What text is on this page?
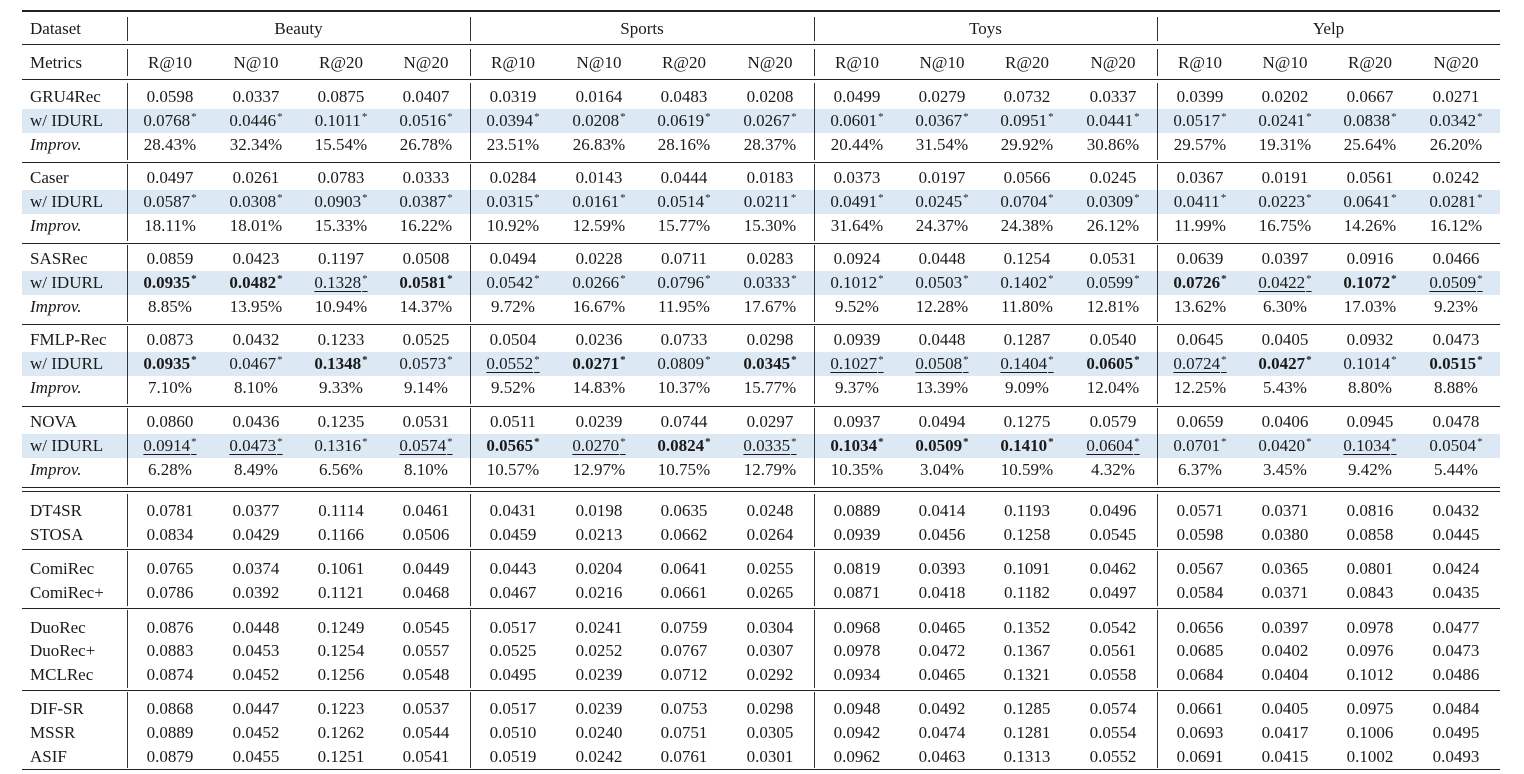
Dataset	Beauty	Sports	Toys	Yelp
Metrics	R@10	N@10	R@20	N@20	R@10	N@10	R@20	N@20	R@10	N@10	R@20	N@20	R@10	N@10	R@20	N@20
GRU4Rec	0.0598	0.0337	0.0875	0.0407	0.0319	0.0164	0.0483	0.0208	0.0499	0.0279	0.0732	0.0337	0.0399	0.0202	0.0667	0.0271
w/ IDURL	0.0768*	0.0446*	0.1011*	0.0516*	0.0394*	0.0208*	0.0619*	0.0267*	0.0601*	0.0367*	0.0951*	0.0441*	0.0517*	0.0241*	0.0838*	0.0342*
Improv.	28.43%	32.34%	15.54%	26.78%	23.51%	26.83%	28.16%	28.37%	20.44%	31.54%	29.92%	30.86%	29.57%	19.31%	25.64%	26.20%
Caser	0.0497	0.0261	0.0783	0.0333	0.0284	0.0143	0.0444	0.0183	0.0373	0.0197	0.0566	0.0245	0.0367	0.0191	0.0561	0.0242
w/ IDURL	0.0587*	0.0308*	0.0903*	0.0387*	0.0315*	0.0161*	0.0514*	0.0211*	0.0491*	0.0245*	0.0704*	0.0309*	0.0411*	0.0223*	0.0641*	0.0281*
Improv.	18.11%	18.01%	15.33%	16.22%	10.92%	12.59%	15.77%	15.30%	31.64%	24.37%	24.38%	26.12%	11.99%	16.75%	14.26%	16.12%
SASRec	0.0859	0.0423	0.1197	0.0508	0.0494	0.0228	0.0711	0.0283	0.0924	0.0448	0.1254	0.0531	0.0639	0.0397	0.0916	0.0466
w/ IDURL	0.0935*	0.0482*	0.1328*	0.0581*	0.0542*	0.0266*	0.0796*	0.0333*	0.1012*	0.0503*	0.1402*	0.0599*	0.0726*	0.0422*	0.1072*	0.0509*
Improv.	8.85%	13.95%	10.94%	14.37%	9.72%	16.67%	11.95%	17.67%	9.52%	12.28%	11.80%	12.81%	13.62%	6.30%	17.03%	9.23%
FMLP-Rec	0.0873	0.0432	0.1233	0.0525	0.0504	0.0236	0.0733	0.0298	0.0939	0.0448	0.1287	0.0540	0.0645	0.0405	0.0932	0.0473
w/ IDURL	0.0935*	0.0467*	0.1348*	0.0573*	0.0552*	0.0271*	0.0809*	0.0345*	0.1027*	0.0508*	0.1404*	0.0605*	0.0724*	0.0427*	0.1014*	0.0515*
Improv.	7.10%	8.10%	9.33%	9.14%	9.52%	14.83%	10.37%	15.77%	9.37%	13.39%	9.09%	12.04%	12.25%	5.43%	8.80%	8.88%
NOVA	0.0860	0.0436	0.1235	0.0531	0.0511	0.0239	0.0744	0.0297	0.0937	0.0494	0.1275	0.0579	0.0659	0.0406	0.0945	0.0478
w/ IDURL	0.0914*	0.0473*	0.1316*	0.0574*	0.0565*	0.0270*	0.0824*	0.0335*	0.1034*	0.0509*	0.1410*	0.0604*	0.0701*	0.0420*	0.1034*	0.0504*
Improv.	6.28%	8.49%	6.56%	8.10%	10.57%	12.97%	10.75%	12.79%	10.35%	3.04%	10.59%	4.32%	6.37%	3.45%	9.42%	5.44%
DT4SR	0.0781	0.0377	0.1114	0.0461	0.0431	0.0198	0.0635	0.0248	0.0889	0.0414	0.1193	0.0496	0.0571	0.0371	0.0816	0.0432
STOSA	0.0834	0.0429	0.1166	0.0506	0.0459	0.0213	0.0662	0.0264	0.0939	0.0456	0.1258	0.0545	0.0598	0.0380	0.0858	0.0445
ComiRec	0.0765	0.0374	0.1061	0.0449	0.0443	0.0204	0.0641	0.0255	0.0819	0.0393	0.1091	0.0462	0.0567	0.0365	0.0801	0.0424
ComiRec+	0.0786	0.0392	0.1121	0.0468	0.0467	0.0216	0.0661	0.0265	0.0871	0.0418	0.1182	0.0497	0.0584	0.0371	0.0843	0.0435
DuoRec	0.0876	0.0448	0.1249	0.0545	0.0517	0.0241	0.0759	0.0304	0.0968	0.0465	0.1352	0.0542	0.0656	0.0397	0.0978	0.0477
DuoRec+	0.0883	0.0453	0.1254	0.0557	0.0525	0.0252	0.0767	0.0307	0.0978	0.0472	0.1367	0.0561	0.0685	0.0402	0.0976	0.0473
MCLRec	0.0874	0.0452	0.1256	0.0548	0.0495	0.0239	0.0712	0.0292	0.0934	0.0465	0.1321	0.0558	0.0684	0.0404	0.1012	0.0486
DIF-SR	0.0868	0.0447	0.1223	0.0537	0.0517	0.0239	0.0753	0.0298	0.0948	0.0492	0.1285	0.0574	0.0661	0.0405	0.0975	0.0484
MSSR	0.0889	0.0452	0.1262	0.0544	0.0510	0.0240	0.0751	0.0305	0.0942	0.0474	0.1281	0.0554	0.0693	0.0417	0.1006	0.0495
ASIF	0.0879	0.0455	0.1251	0.0541	0.0519	0.0242	0.0761	0.0301	0.0962	0.0463	0.1313	0.0552	0.0691	0.0415	0.1002	0.0493
